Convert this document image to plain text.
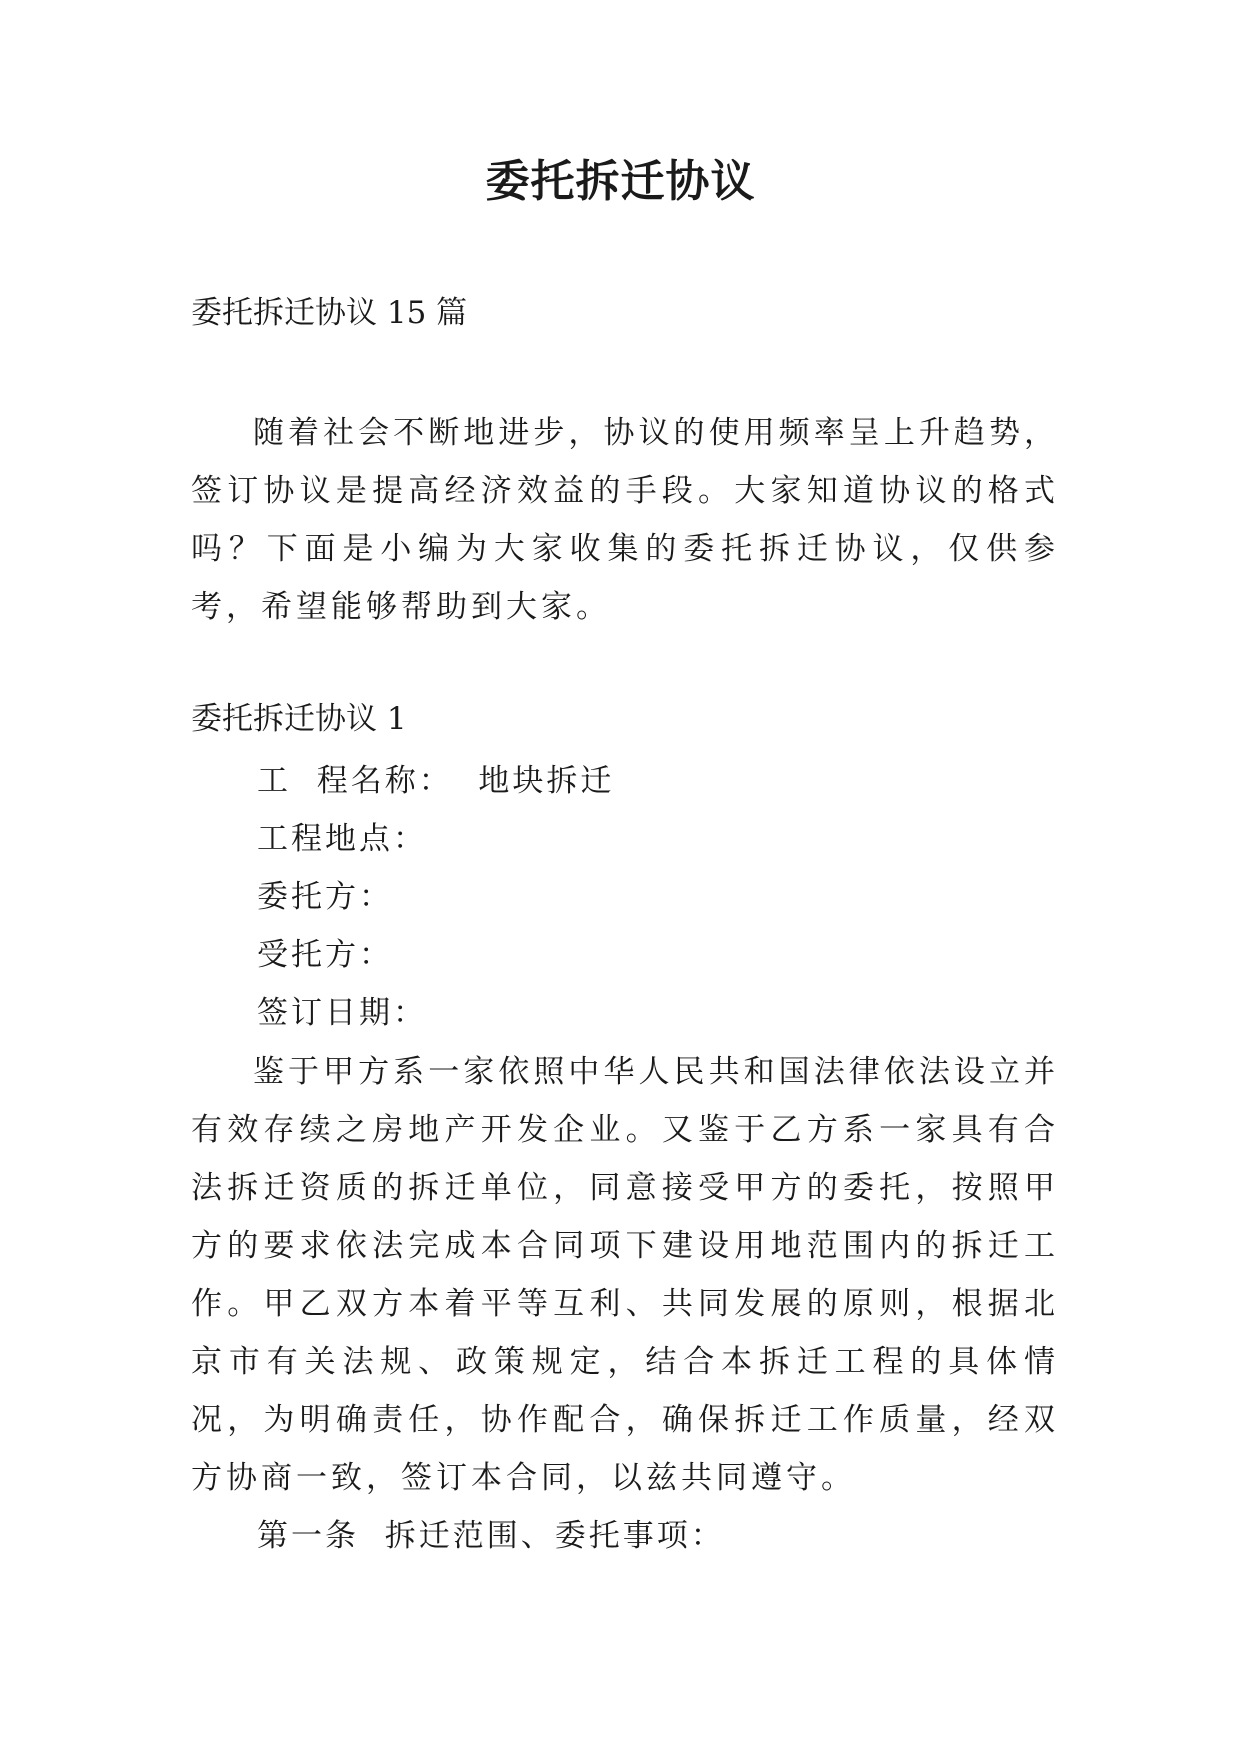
委托拆迁协议
委托拆迁协议 15 篇
随着社会不断地进步，协议的使用频率呈上升趋势，签订协议是提高经济效益的手段。大家知道协议的格式吗？下面是小编为大家收集的委托拆迁协议，仅供参考，希望能够帮助到大家。
委托拆迁协议 1
工  程名称：  地块拆迁
工程地点：
委托方：
受托方：
签订日期：
鉴于甲方系一家依照中华人民共和国法律依法设立并有效存续之房地产开发企业。又鉴于乙方系一家具有合法拆迁资质的拆迁单位，同意接受甲方的委托，按照甲方的要求依法完成本合同项下建设用地范围内的拆迁工作。甲乙双方本着平等互利、共同发展的原则，根据北京市有关法规、政策规定，结合本拆迁工程的具体情况，为明确责任，协作配合，确保拆迁工作质量，经双方协商一致，签订本合同，以兹共同遵守。
第一条  拆迁范围、委托事项：
